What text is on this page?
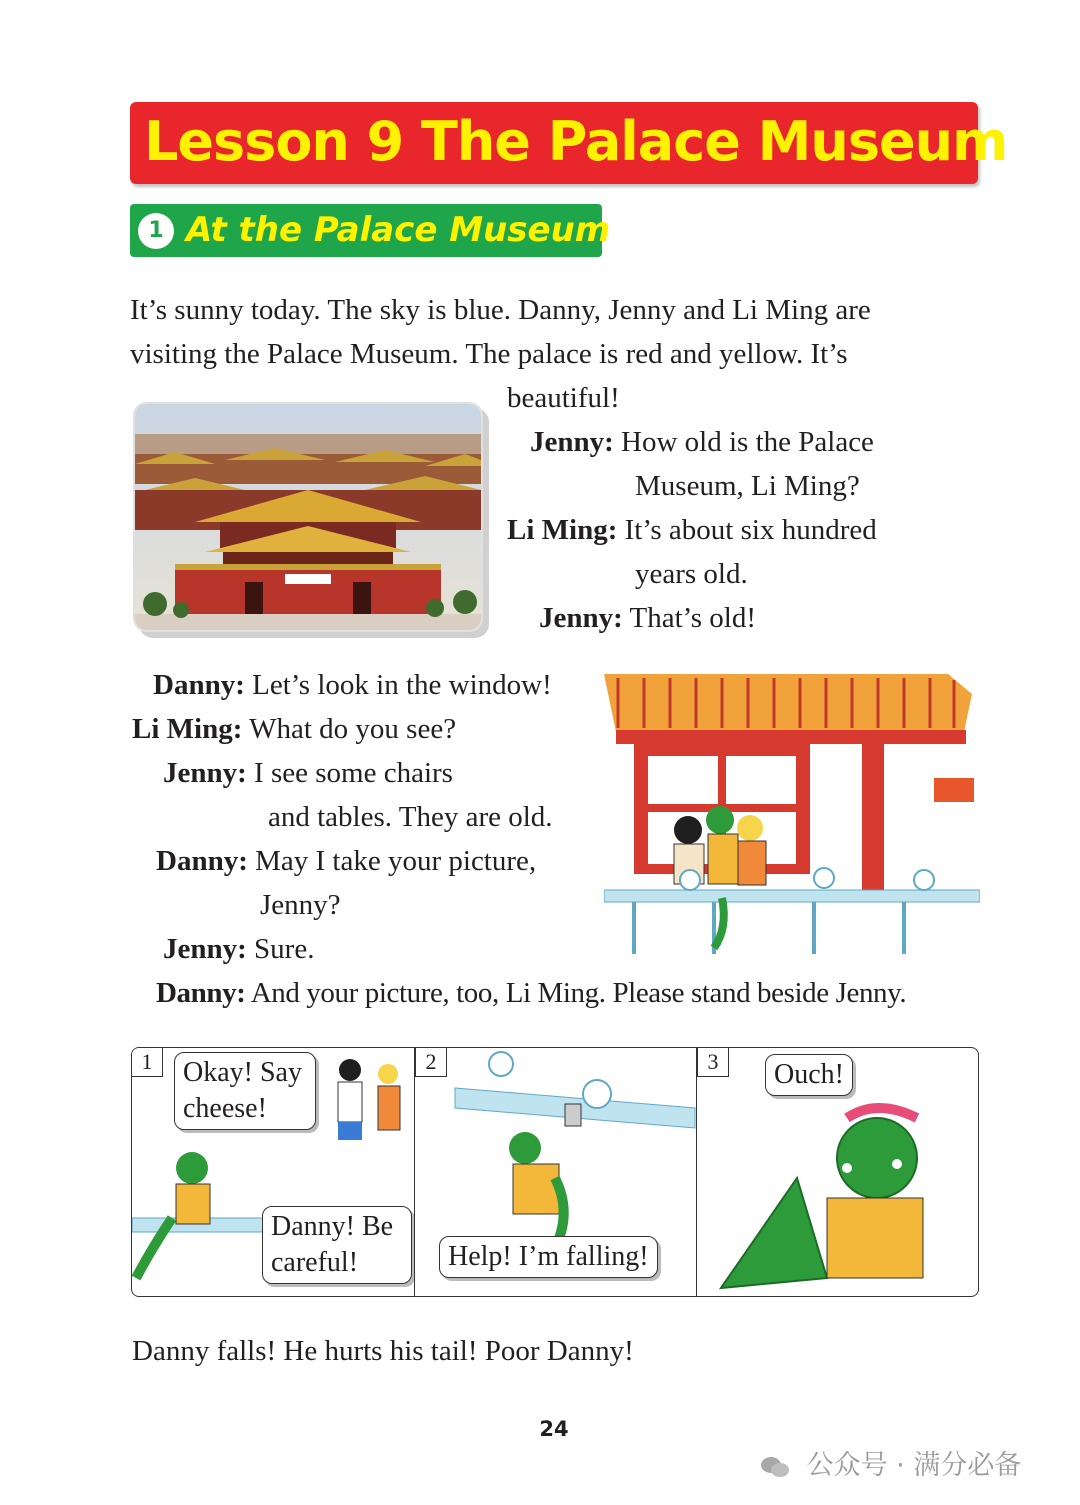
Lesson 9 The Palace Museum
1 At the Palace Museum
It’s sunny today. The sky is blue. Danny, Jenny and Li Ming are
visiting the Palace Museum. The palace is red and yellow. It’s
beautiful!
Jenny: How old is the Palace
Museum, Li Ming?
Li Ming: It’s about six hundred
years old.
Jenny: That’s old!
Danny: Let’s look in the window!
Li Ming: What do you see?
Jenny: I see some chairs
and tables. They are old.
Danny: May I take your picture,
Jenny?
Jenny: Sure.
Danny: And your picture, too, Li Ming. Please stand beside Jenny.
1	Okay! Say
cheese!
Danny! Be
careful!
2
Help! I’m falling!
3	Ouch!
Danny falls! He hurts his tail! Poor Danny!
24
公众号 · 满分必备
